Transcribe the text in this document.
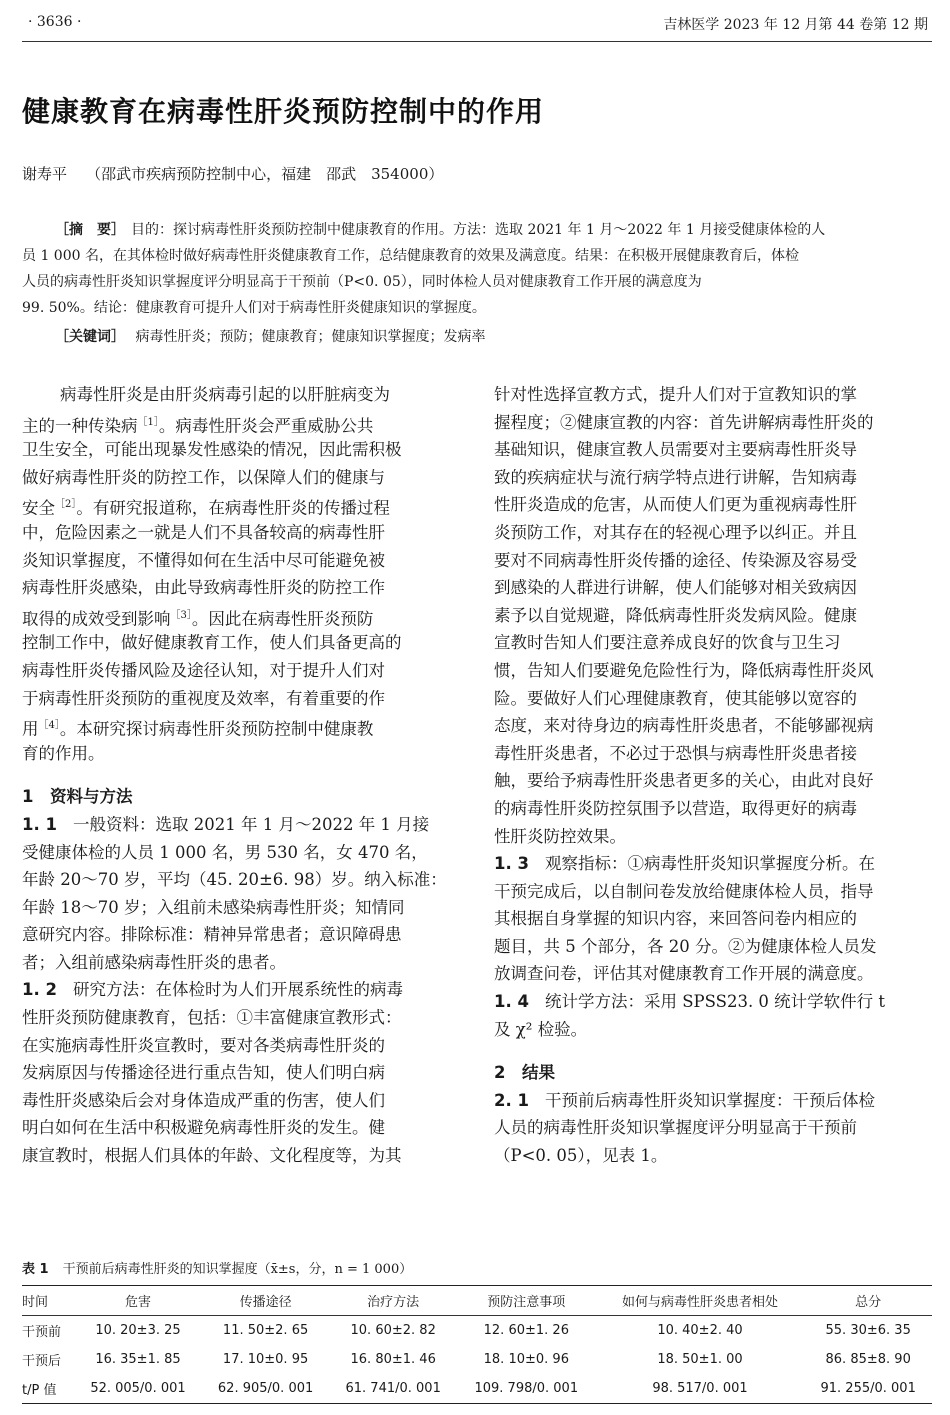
· 3636 ·	吉林医学 2023 年 12 月第 44 卷第 12 期
健康教育在病毒性肝炎预防控制中的作用
谢寿平 （邵武市疾病预防控制中心，福建　邵武　354000）
［摘　要］ 目的：探讨病毒性肝炎预防控制中健康教育的作用。方法：选取 2021 年 1 月～2022 年 1 月接受健康体检的人
员 1 000 名，在其体检时做好病毒性肝炎健康教育工作，总结健康教育的效果及满意度。结果：在积极开展健康教育后，体检
人员的病毒性肝炎知识掌握度评分明显高于干预前（P<0. 05），同时体检人员对健康教育工作开展的满意度为
99. 50%。结论：健康教育可提升人们对于病毒性肝炎健康知识的掌握度。
［关键词］ 病毒性肝炎；预防；健康教育；健康知识掌握度；发病率
病毒性肝炎是由肝炎病毒引起的以肝脏病变为
主的一种传染病$^{[1]}$。病毒性肝炎会严重威胁公共
卫生安全，可能出现暴发性感染的情况，因此需积极
做好病毒性肝炎的防控工作，以保障人们的健康与
安全$^{[2]}$。有研究报道称，在病毒性肝炎的传播过程
中，危险因素之一就是人们不具备较高的病毒性肝
炎知识掌握度，不懂得如何在生活中尽可能避免被
病毒性肝炎感染，由此导致病毒性肝炎的防控工作
取得的成效受到影响$^{[3]}$。因此在病毒性肝炎预防
控制工作中，做好健康教育工作，使人们具备更高的
病毒性肝炎传播风险及途径认知，对于提升人们对
于病毒性肝炎预防的重视度及效率，有着重要的作
用$^{[4]}$。本研究探讨病毒性肝炎预防控制中健康教
育的作用。
1　资料与方法
1. 1 一般资料：选取 2021 年 1 月～2022 年 1 月接
受健康体检的人员 1 000 名，男 530 名，女 470 名，
年龄 20～70 岁，平均（45. 20±6. 98）岁。纳入标准：
年龄 18～70 岁；入组前未感染病毒性肝炎；知情同
意研究内容。排除标准：精神异常患者；意识障碍患
者；入组前感染病毒性肝炎的患者。
1. 2 研究方法：在体检时为人们开展系统性的病毒
性肝炎预防健康教育，包括：①丰富健康宣教形式：
在实施病毒性肝炎宣教时，要对各类病毒性肝炎的
发病原因与传播途径进行重点告知，使人们明白病
毒性肝炎感染后会对身体造成严重的伤害，使人们
明白如何在生活中积极避免病毒性肝炎的发生。健
康宣教时，根据人们具体的年龄、文化程度等，为其
针对性选择宣教方式，提升人们对于宣教知识的掌
握程度；②健康宣教的内容：首先讲解病毒性肝炎的
基础知识，健康宣教人员需要对主要病毒性肝炎导
致的疾病症状与流行病学特点进行讲解，告知病毒
性肝炎造成的危害，从而使人们更为重视病毒性肝
炎预防工作，对其存在的轻视心理予以纠正。并且
要对不同病毒性肝炎传播的途径、传染源及容易受
到感染的人群进行讲解，使人们能够对相关致病因
素予以自觉规避，降低病毒性肝炎发病风险。健康
宣教时告知人们要注意养成良好的饮食与卫生习
惯，告知人们要避免危险性行为，降低病毒性肝炎风
险。要做好人们心理健康教育，使其能够以宽容的
态度，来对待身边的病毒性肝炎患者，不能够鄙视病
毒性肝炎患者，不必过于恐惧与病毒性肝炎患者接
触，要给予病毒性肝炎患者更多的关心，由此对良好
的病毒性肝炎防控氛围予以营造，取得更好的病毒
性肝炎防控效果。
1. 3 观察指标：①病毒性肝炎知识掌握度分析。在
干预完成后，以自制问卷发放给健康体检人员，指导
其根据自身掌握的知识内容，来回答问卷内相应的
题目，共 5 个部分，各 20 分。②为健康体检人员发
放调查问卷，评估其对健康教育工作开展的满意度。
1. 4 统计学方法：采用 SPSS23. 0 统计学软件行 t
及 χ² 检验。
2　结果
2. 1 干预前后病毒性肝炎知识掌握度：干预后体检
人员的病毒性肝炎知识掌握度评分明显高于干预前
（P<0. 05），见表 1。
表 1 干预前后病毒性肝炎的知识掌握度（x̄±s，分，n = 1 000）
时间	危害	传播途径	治疗方法	预防注意事项	如何与病毒性肝炎患者相处	总分
干预前	10. 20±3. 25	11. 50±2. 65	10. 60±2. 82	12. 60±1. 26	10. 40±2. 40	55. 30±6. 35
干预后	16. 35±1. 85	17. 10±0. 95	16. 80±1. 46	18. 10±0. 96	18. 50±1. 00	86. 85±8. 90
t/P 值	52. 005/0. 001	62. 905/0. 001	61. 741/0. 001	109. 798/0. 001	98. 517/0. 001	91. 255/0. 001
